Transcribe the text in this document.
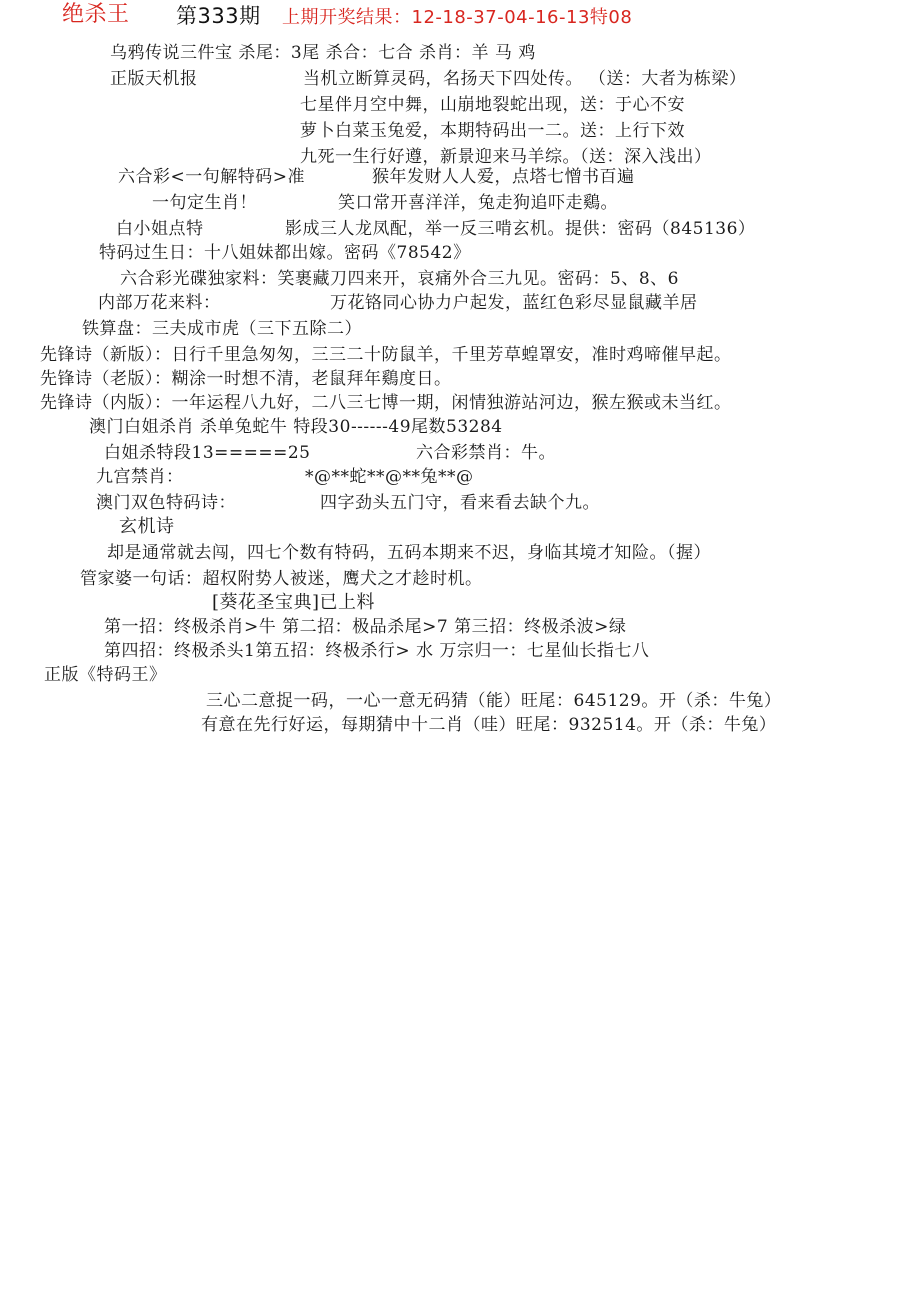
绝杀王 第333期 上期开奖结果：12-18-37-04-16-13特08
乌鸦传说三件宝 杀尾：3尾 杀合：七合 杀肖：羊 马 鸡
正版天机报	当机立断算灵码，名扬天下四处传。 （送：大者为栋梁）
七星伴月空中舞，山崩地裂蛇出现，送：于心不安
萝卜白菜玉兔爱，本期特码出一二。送：上行下效
九死一生行好遵，新景迎来马羊综。（送：深入浅出）
六合彩<一句解特码>准	猴年发财人人爱，点塔七憎书百遍
一句定生肖！	笑口常开喜洋洋，兔走狗追吓走鷄。
白小姐点特	影成三人龙凤配，举一反三啃玄机。提供：密码（845136）
特码过生日：十八姐妹都出嫁。密码《78542》
六合彩光碟独家料：笑裹藏刀四来开，哀痛外合三九见。密码：5、8、6
内部万花来料：	万花铬同心协力户起发，蓝红色彩尽显鼠藏羊居
铁算盘：三夫成市虎（三下五除二）
先锋诗（新版）：日行千里急匆匆，三三二十防鼠羊，千里芳草蝗罩安，准时鸡啼催早起。
先锋诗（老版）：糊涂一时想不清，老鼠拜年鷄度日。
先锋诗（内版）：一年运程八九好，二八三七博一期，闲情独游站河边，猴左猴或未当红。
澳门白姐杀肖 杀单兔蛇牛 特段30------49尾数53284
白姐杀特段13=====25	六合彩禁肖：牛。
九宫禁肖：	*@**蛇**@**兔**@
澳门双色特码诗：	四字劲头五门守，看来看去缺个九。
玄机诗
却是通常就去闯，四七个数有特码，五码本期来不迟，身临其境才知险。（握）
管家婆一句话：超权附势人被迷，鹰犬之才趁时机。
[葵花圣宝典]已上料
第一招：终极杀肖>牛 第二招：极品杀尾>7 第三招：终极杀波>绿
第四招：终极杀头1第五招：终极杀行> 水 万宗归一：七星仙长指七八
正版《特码王》
三心二意捉一码，一心一意无码猜（能）旺尾：645129。开（杀：牛兔）
有意在先行好运，每期猜中十二肖（哇）旺尾：932514。开（杀：牛兔）
